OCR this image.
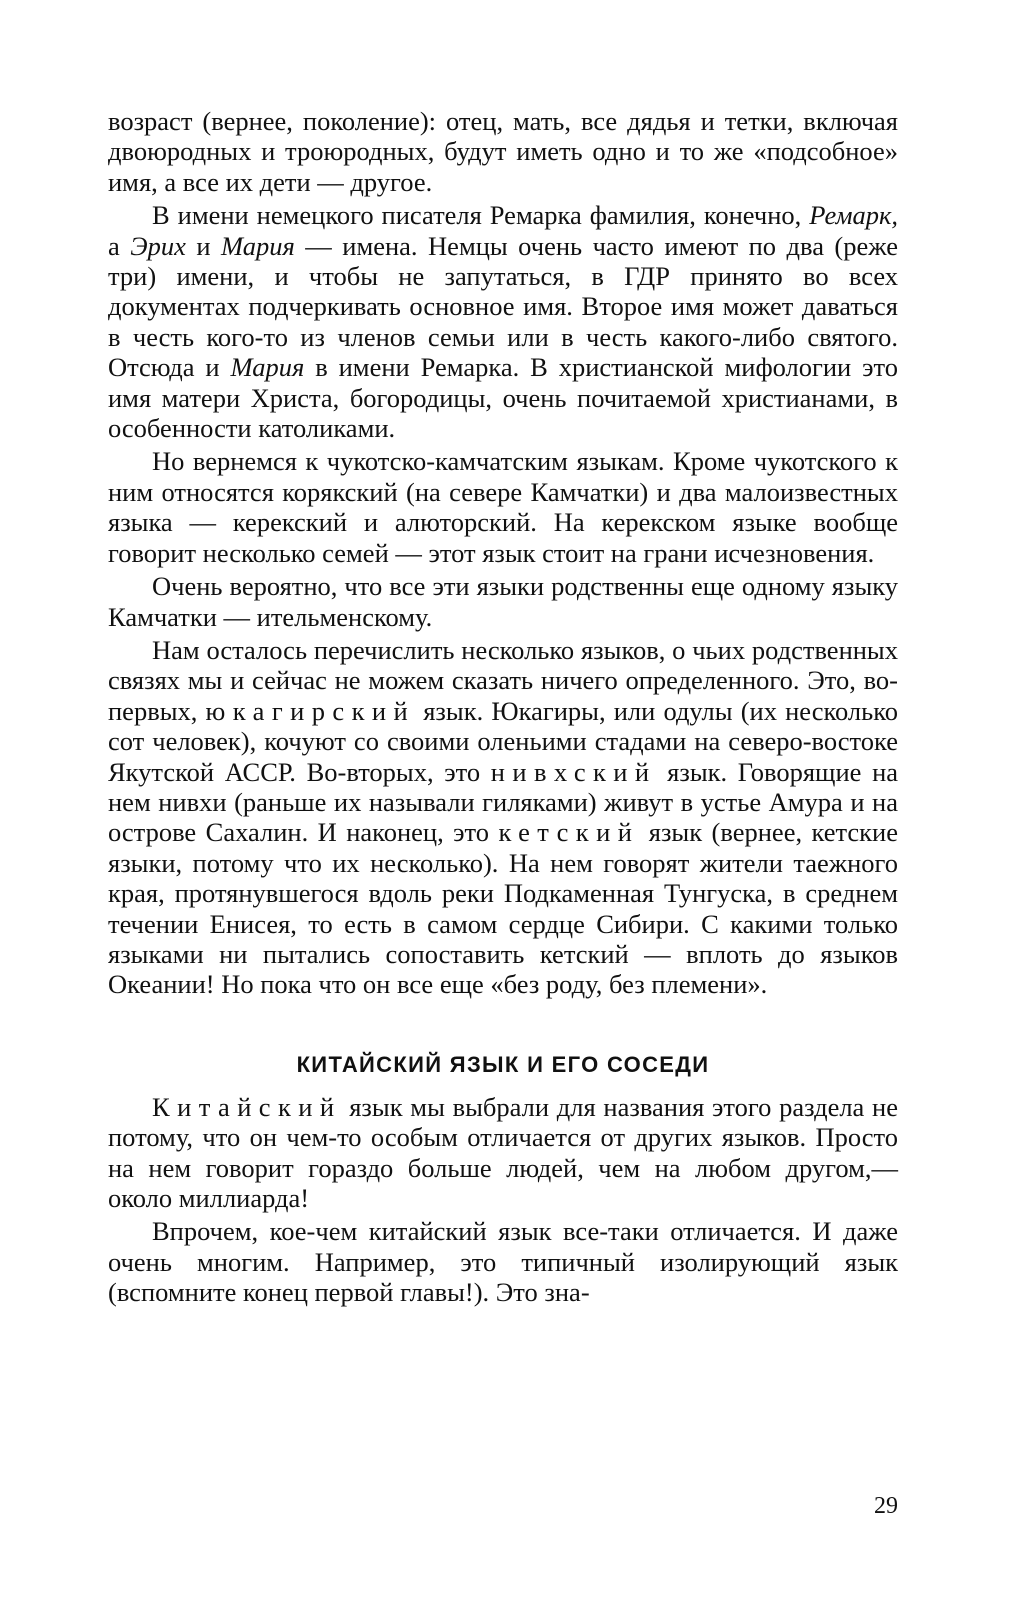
возраст (вернее, поколение): отец, мать, все дядья и тетки, включая двоюродных и троюродных, будут иметь одно и то же «подсобное» имя, а все их дети — другое.

В имени немецкого писателя Ремарка фамилия, конечно, Ремарк, а Эрих и Мария — имена. Немцы очень часто имеют по два (реже три) имени, и чтобы не запутаться, в ГДР принято во всех документах подчеркивать основное имя. Второе имя может даваться в честь кого-то из членов семьи или в честь какого-либо святого. Отсюда и Мария в имени Ремарка. В христианской мифологии это имя матери Христа, богородицы, очень почитаемой христианами, в особенности католиками.

Но вернемся к чукотско-камчатским языкам. Кроме чукотского к ним относятся корякский (на севере Камчатки) и два малоизвестных языка — керекский и алюторский. На керекском языке вообще говорит несколько семей — этот язык стоит на грани исчезновения.

Очень вероятно, что все эти языки родственны еще одному языку Камчатки — ительменскому.

Нам осталось перечислить несколько языков, о чьих родственных связях мы и сейчас не можем сказать ничего определенного. Это, во-первых, юкагирский язык. Юкагиры, или одулы (их несколько сот человек), кочуют со своими оленьими стадами на северо-востоке Якутской АССР. Во-вторых, это нивхский язык. Говорящие на нем нивхи (раньше их называли гиляками) живут в устье Амура и на острове Сахалин. И наконец, это кетский язык (вернее, кетские языки, потому что их несколько). На нем говорят жители таежного края, протянувшегося вдоль реки Подкаменная Тунгуска, в среднем течении Енисея, то есть в самом сердце Сибири. С какими только языками ни пытались сопоставить кетский — вплоть до языков Океании! Но пока что он все еще «без роду, без племени».

КИТАЙСКИЙ ЯЗЫК И ЕГО СОСЕДИ

Китайский язык мы выбрали для названия этого раздела не потому, что он чем-то особым отличается от других языков. Просто на нем говорит гораздо больше людей, чем на любом другом,— около миллиарда!

Впрочем, кое-чем китайский язык все-таки отличается. И даже очень многим. Например, это типичный изолирующий язык (вспомните конец первой главы!). Это зна-

29
